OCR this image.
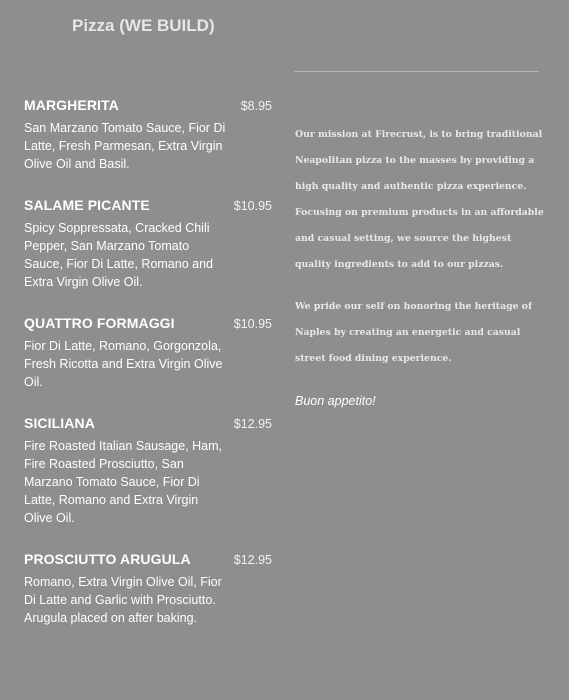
Pizza (WE BUILD)
MARGHERITA	$8.95
San Marzano Tomato Sauce, Fior Di Latte, Fresh Parmesan, Extra Virgin Olive Oil and Basil.
SALAME PICANTE	$10.95
Spicy Soppressata, Cracked Chili Pepper, San Marzano Tomato Sauce, Fior Di Latte, Romano and Extra Virgin Olive Oil.
QUATTRO FORMAGGI	$10.95
Fior Di Latte, Romano, Gorgonzola, Fresh Ricotta and Extra Virgin Olive Oil.
SICILIANA	$12.95
Fire Roasted Italian Sausage, Ham, Fire Roasted Prosciutto, San Marzano Tomato Sauce, Fior Di Latte, Romano and Extra Virgin Olive Oil.
PROSCIUTTO ARUGULA	$12.95
Romano, Extra Virgin Olive Oil, Fior Di Latte and Garlic with Prosciutto. Arugula placed on after baking.

Our mission at Firecrust, is to bring traditional Neapolitan pizza to the masses by providing a high quality and authentic pizza experience. Focusing on premium products in an affordable and casual setting, we source the highest quality ingredients to add to our pizzas.

We pride our self on honoring the heritage of Naples by creating an energetic and casual street food dining experience.

Buon appetito!
